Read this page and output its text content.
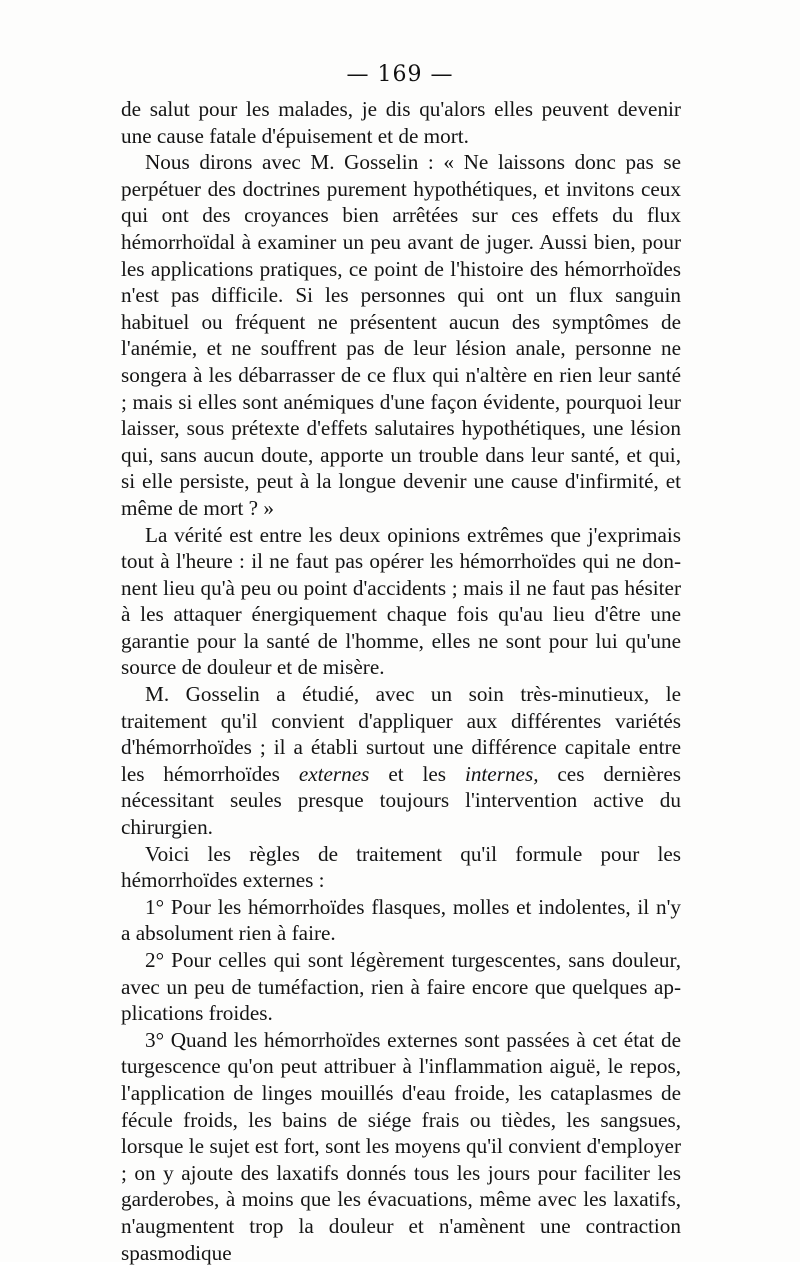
— 169 —

de salut pour les malades, je dis qu'alors elles peuvent devenir une cause fatale d'épuisement et de mort.

Nous dirons avec M. Gosselin : « Ne laissons donc pas se perpétuer des doctrines purement hypothétiques, et invitons ceux qui ont des croyances bien arrêtées sur ces effets du flux hémorrhoïdal à examiner un peu avant de juger. Aussi bien, pour les applications pratiques, ce point de l'histoire des hémorrhoïdes n'est pas difficile. Si les personnes qui ont un flux sanguin habituel ou fréquent ne présentent aucun des symptômes de l'anémie, et ne souffrent pas de leur lésion anale, personne ne songera à les débarrasser de ce flux qui n'altère en rien leur santé ; mais si elles sont anémiques d'une façon évidente, pourquoi leur laisser, sous prétexte d'effets salutaires hypothétiques, une lésion qui, sans aucun doute, apporte un trouble dans leur santé, et qui, si elle persiste, peut à la longue devenir une cause d'infirmité, et même de mort ? »

La vérité est entre les deux opinions extrêmes que j'exprimais tout à l'heure : il ne faut pas opérer les hémorrhoïdes qui ne donnent lieu qu'à peu ou point d'accidents ; mais il ne faut pas hésiter à les attaquer énergiquement chaque fois qu'au lieu d'être une garantie pour la santé de l'homme, elles ne sont pour lui qu'une source de douleur et de misère.

M. Gosselin a étudié, avec un soin très-minutieux, le traitement qu'il convient d'appliquer aux différentes variétés d'hémorrhoïdes ; il a établi surtout une différence capitale entre les hémorrhoïdes externes et les internes, ces dernières nécessitant seules presque toujours l'intervention active du chirurgien.

Voici les règles de traitement qu'il formule pour les hémorrhoïdes externes :

1° Pour les hémorrhoïdes flasques, molles et indolentes, il n'y a absolument rien à faire.

2° Pour celles qui sont légèrement turgescentes, sans douleur, avec un peu de tuméfaction, rien à faire encore que quelques applications froides.

3° Quand les hémorrhoïdes externes sont passées à cet état de turgescence qu'on peut attribuer à l'inflammation aiguë, le repos, l'application de linges mouillés d'eau froide, les cataplasmes de fécule froids, les bains de siége frais ou tièdes, les sangsues, lorsque le sujet est fort, sont les moyens qu'il convient d'employer ; on y ajoute des laxatifs donnés tous les jours pour faciliter les garderobes, à moins que les évacuations, même avec les laxatifs, n'augmentent trop la douleur et n'amènent une contraction spasmodique
